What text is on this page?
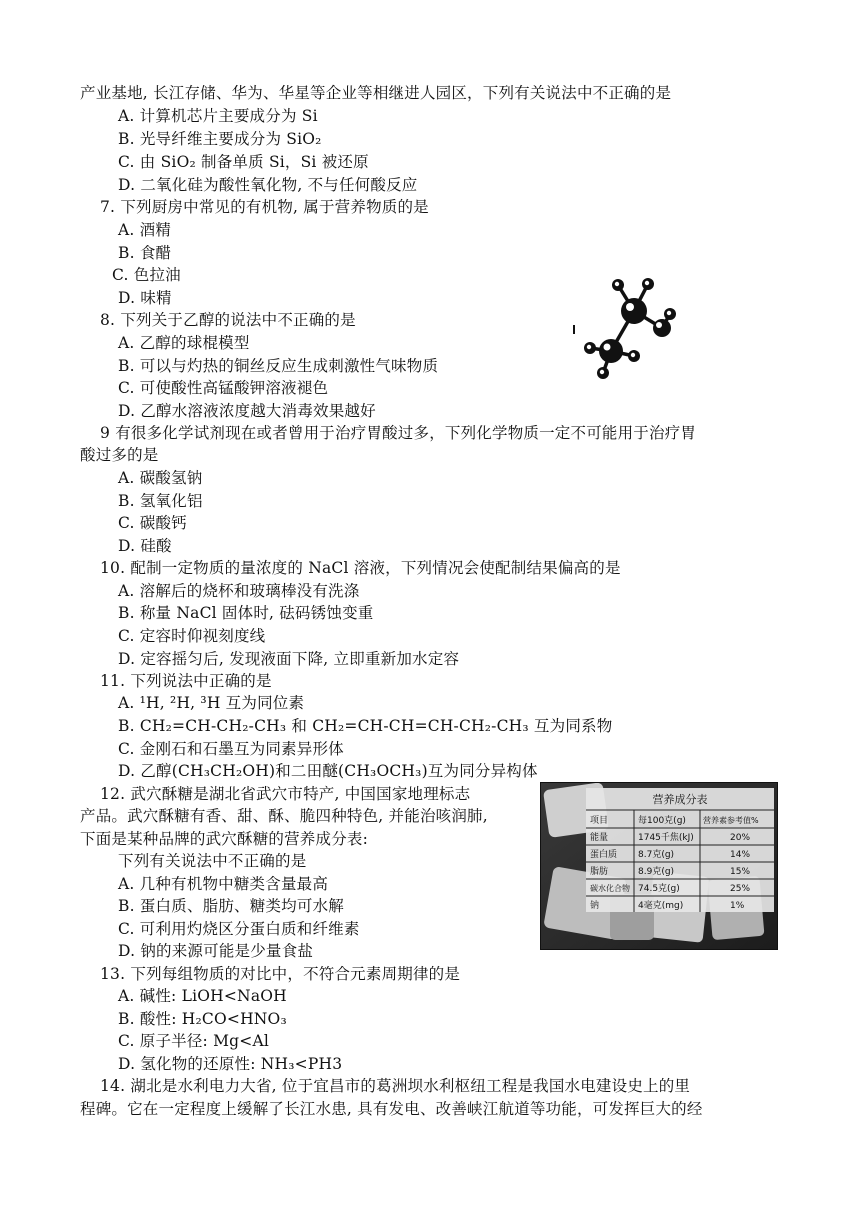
产业基地, 长江存储、华为、华星等企业等相继进人园区，下列有关说法中不正确的是
A. 计算机芯片主要成分为 Si
B. 光导纤维主要成分为 SiO₂
C. 由 SiO₂ 制备单质 Si，Si 被还原
D. 二氧化硅为酸性氧化物, 不与任何酸反应
7. 下列厨房中常见的有机物, 属于营养物质的是
A. 酒精
B. 食醋
C. 色拉油
D. 味精
8. 下列关于乙醇的说法中不正确的是
A. 乙醇的球棍模型
B. 可以与灼热的铜丝反应生成刺激性气味物质
C. 可使酸性高锰酸钾溶液褪色
D. 乙醇水溶液浓度越大消毒效果越好
9 有很多化学试剂现在或者曾用于治疗胃酸过多，下列化学物质一定不可能用于治疗胃
酸过多的是
A. 碳酸氢钠
B. 氢氧化铝
C. 碳酸钙
D. 硅酸
10. 配制一定物质的量浓度的 NaCl 溶液，下列情况会使配制结果偏高的是
A. 溶解后的烧杯和玻璃棒没有洗涤
B. 称量 NaCl 固体时, 砝码锈蚀变重
C. 定容时仰视刻度线
D. 定容摇匀后, 发现液面下降, 立即重新加水定容
11. 下列说法中正确的是
A. ¹H, ²H, ³H 互为同位素
B. CH₂=CH-CH₂-CH₃ 和 CH₂=CH-CH=CH-CH₂-CH₃ 互为同系物
C. 金刚石和石墨互为同素异形体
D. 乙醇(CH₃CH₂OH)和二田醚(CH₃OCH₃)互为同分异构体
12. 武穴酥糖是湖北省武穴市特产, 中国国家地理标志
产品。武穴酥糖有香、甜、酥、脆四种特色, 并能治咳润肺,
下面是某种品牌的武穴酥糖的营养成分表:
下列有关说法中不正确的是
A. 几种有机物中糖类含量最高
B. 蛋白质、脂肪、糖类均可水解
C. 可利用灼烧区分蛋白质和纤维素
D. 钠的来源可能是少量食盐
营养成分表
项目	每100克(g) 营养素参考值%
能量	1745千焦(kJ)	20%
蛋白质 8.7克(g)	14%
脂肪	8.9克(g)	15%
碳水化合物 74.5克(g)	25%
钠	4毫克(mg)	1%
13. 下列每组物质的对比中，不符合元素周期律的是
A. 碱性: LiOH<NaOH
B. 酸性: H₂CO<HNO₃
C. 原子半径: Mg<Al
D. 氢化物的还原性: NH₃<PH3
14. 湖北是水利电力大省, 位于宜昌市的葛洲坝水利枢纽工程是我国水电建设史上的里
程碑。它在一定程度上缓解了长江水患, 具有发电、改善峡江航道等功能，可发挥巨大的经
